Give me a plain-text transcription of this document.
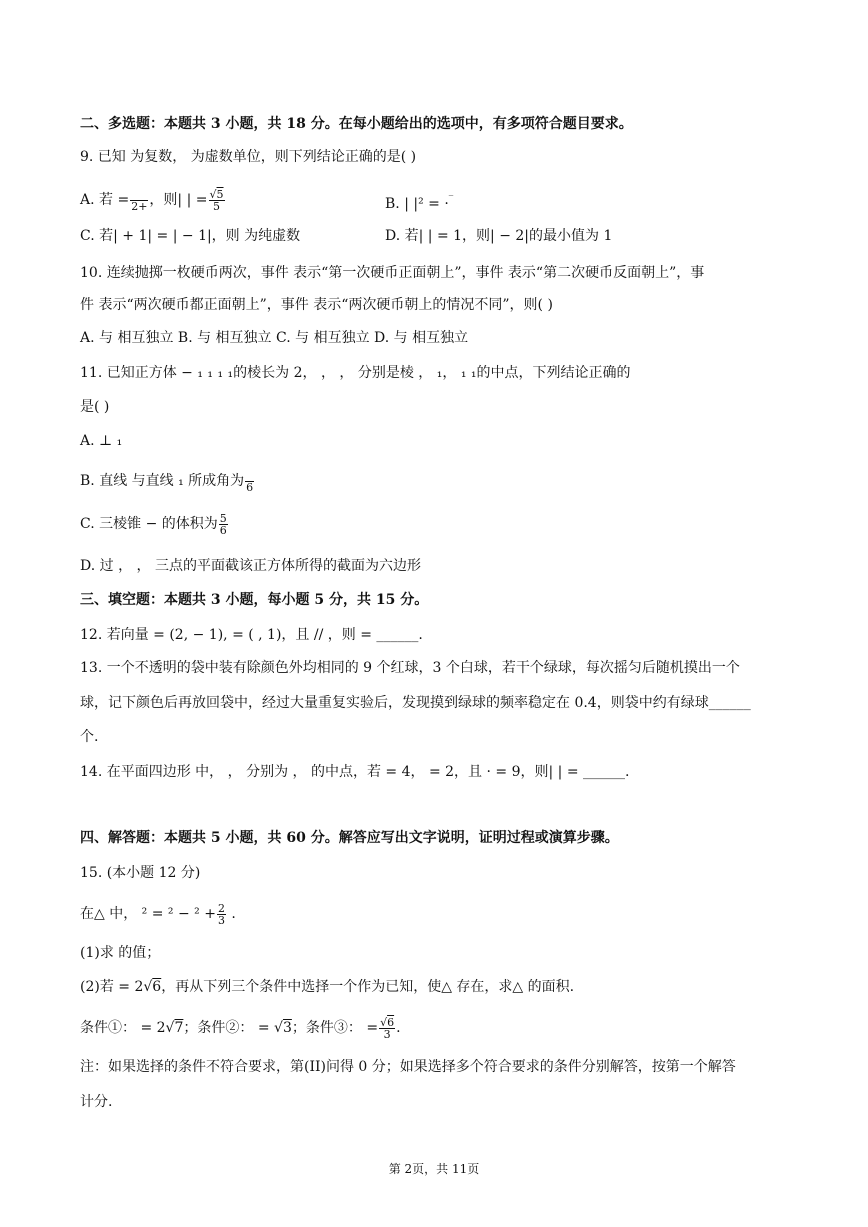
二、多选题：本题共 3 小题，共 18 分。在每小题给出的选项中，有多项符合题目要求。
9. 已知 为复数， 为虚数单位，则下列结论正确的是( )
A. 若 =
2+ ，则| | = $\frac{√5}{5}$	B. | |² = ·‾
C. 若| + 1| = | − 1|，则 为纯虚数	D. 若| | = 1，则| − 2|的最小值为 1
10. 连续抛掷一枚硬币两次，事件 表示“第一次硬币正面朝上”，事件 表示“第二次硬币反面朝上”，事
件 表示“两次硬币都正面朝上”，事件 表示“两次硬币朝上的情况不同”，则( )
A. 与 相互独立 B. 与 相互独立 C. 与 相互独立 D. 与 相互独立
11. 已知正方体 − ₁ ₁ ₁ ₁的棱长为 2， ， ， 分别是棱 ， ₁， ₁ ₁的中点，下列结论正确的
是( )
A. ⊥ ₁
B. 直线 与直线 ₁ 所成角为
6
C. 三棱锥 − 的体积为 $\frac{5}{6}$
D. 过 ， ， 三点的平面截该正方体所得的截面为六边形
三、填空题：本题共 3 小题，每小题 5 分，共 15 分。
12. 若向量 = (2, − 1), = ( , 1)，且 // ，则 = ______.
13. 一个不透明的袋中装有除颜色外均相同的 9 个红球，3 个白球，若干个绿球，每次摇匀后随机摸出一个
球，记下颜色后再放回袋中，经过大量重复实验后，发现摸到绿球的频率稳定在 0.4，则袋中约有绿球______
个.
14. 在平面四边形 中， ， 分别为 ， 的中点，若 = 4， = 2，且 · = 9，则| | = ______.
四、解答题：本题共 5 小题，共 60 分。解答应写出文字说明，证明过程或演算步骤。
15. (本小题 12 分)
在△ 中， $^2 = ^2 - ^2 + \frac{2}{3}$ .
(1)求 的值；
(2)若 = 2√6，再从下列三个条件中选择一个作为已知，使△ 存在，求△ 的面积.
条件①： = 2√7；条件②： = √3；条件③： = $\frac{√6}{3}$ .
注：如果选择的条件不符合要求，第(II)问得 0 分；如果选择多个符合要求的条件分别解答，按第一个解答
计分.
第 2页，共 11页
